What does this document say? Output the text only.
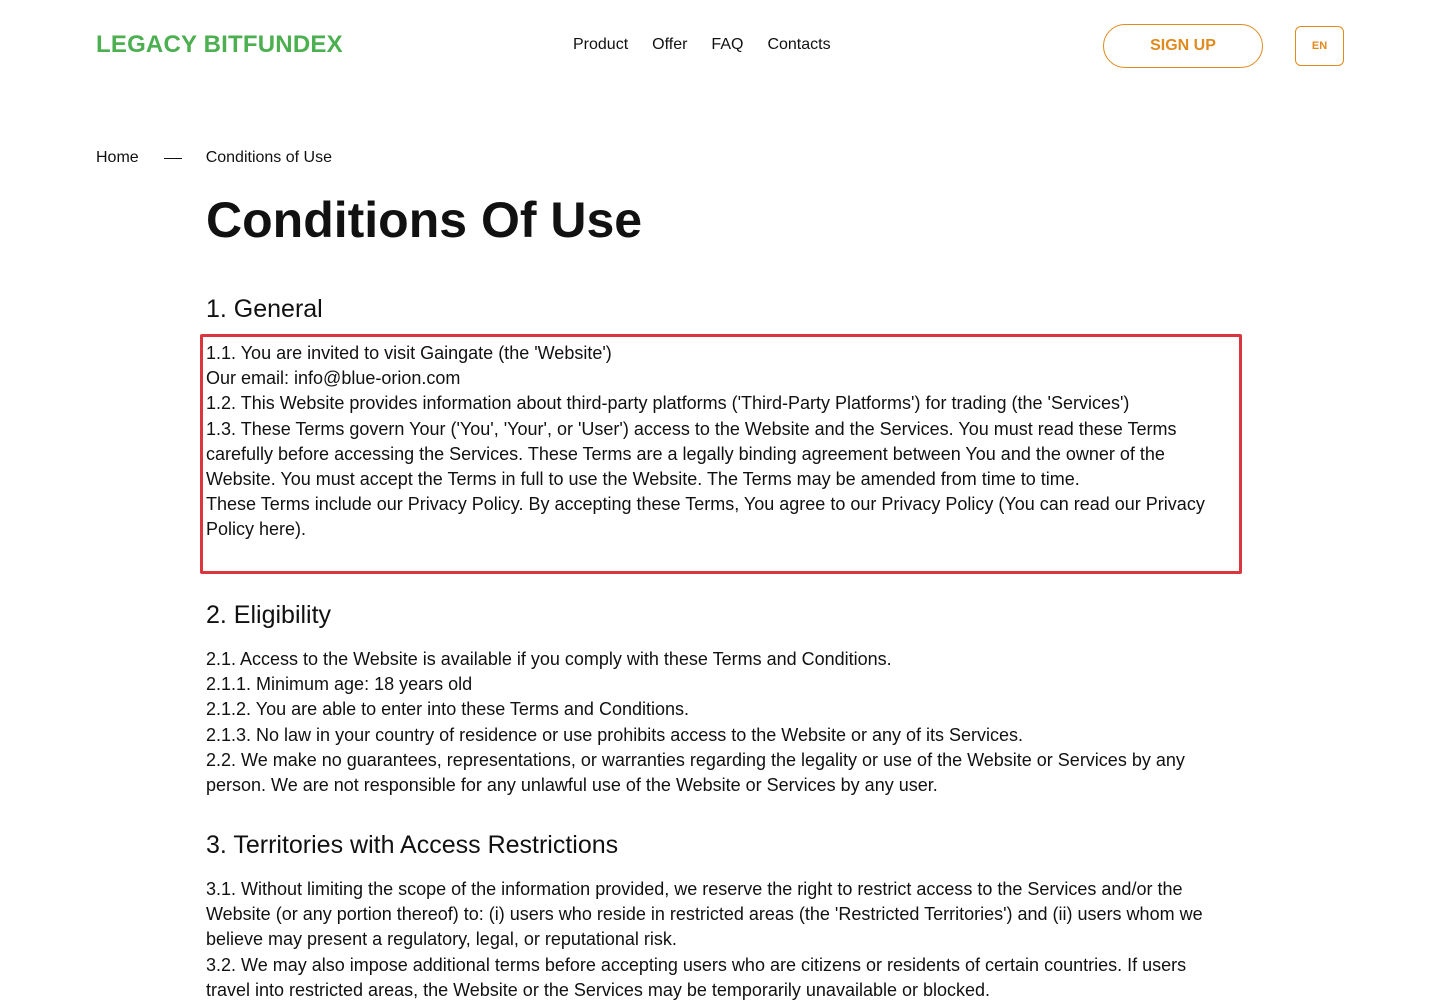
LEGACY BITFUNDEX	Product Offer FAQ Contacts	SIGN UP	EN
Home	Conditions of Use
Conditions Of Use
1. General

1.1. You are invited to visit Gaingate (the 'Website')

Our email: info@blue-orion.com

1.2. This Website provides information about third-party platforms ('Third-Party Platforms') for trading (the 'Services')

1.3. These Terms govern Your ('You', 'Your', or 'User') access to the Website and the Services. You must read these Terms carefully before accessing the Services. These Terms are a legally binding agreement between You and the owner of the Website. You must accept the Terms in full to use the Website. The Terms may be amended from time to time.

These Terms include our Privacy Policy. By accepting these Terms, You agree to our Privacy Policy (You can read our Privacy Policy here).

2. Eligibility

2.1. Access to the Website is available if you comply with these Terms and Conditions.

2.1.1. Minimum age: 18 years old

2.1.2. You are able to enter into these Terms and Conditions.

2.1.3. No law in your country of residence or use prohibits access to the Website or any of its Services.

2.2. We make no guarantees, representations, or warranties regarding the legality or use of the Website or Services by any person. We are not responsible for any unlawful use of the Website or Services by any user.

3. Territories with Access Restrictions

3.1. Without limiting the scope of the information provided, we reserve the right to restrict access to the Services and/or the Website (or any portion thereof) to: (i) users who reside in restricted areas (the 'Restricted Territories') and (ii) users whom we believe may present a regulatory, legal, or reputational risk.

3.2. We may also impose additional terms before accepting users who are citizens or residents of certain countries. If users travel into restricted areas, the Website or the Services may be temporarily unavailable or blocked.
